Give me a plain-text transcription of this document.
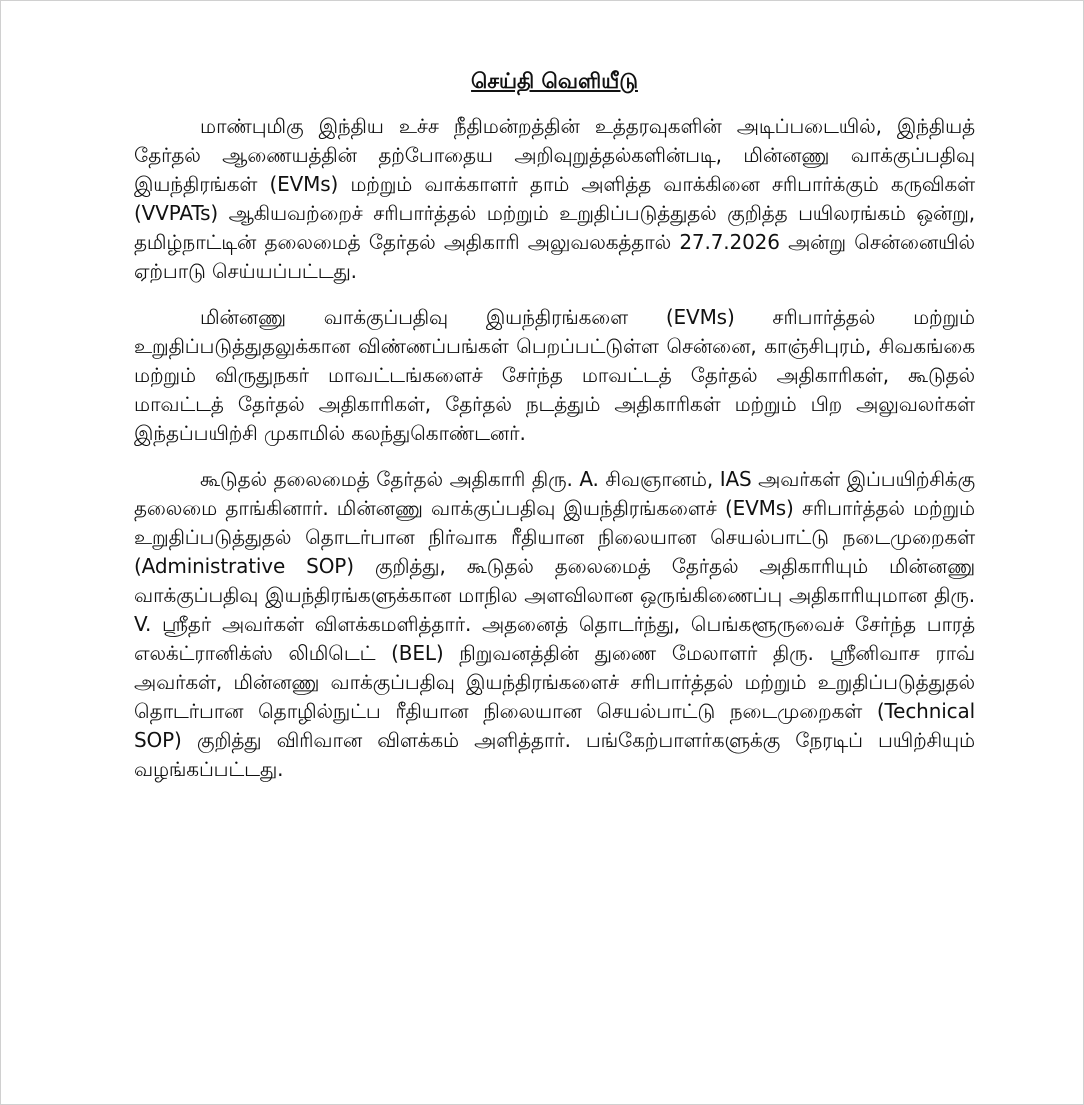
செய்தி வெளியீடு

மாண்புமிகு இந்திய உச்ச நீதிமன்றத்தின் உத்தரவுகளின் அடிப்படையில், இந்தியத் தேர்தல் ஆணையத்தின் தற்போதைய அறிவுறுத்தல்களின்படி, மின்னணு வாக்குப்பதிவு இயந்திரங்கள் (EVMs) மற்றும் வாக்காளர் தாம் அளித்த வாக்கினை சரிபார்க்கும் கருவிகள் (VVPATs) ஆகியவற்றைச் சரிபார்த்தல் மற்றும் உறுதிப்படுத்துதல் குறித்த பயிலரங்கம் ஒன்று, தமிழ்நாட்டின் தலைமைத் தேர்தல் அதிகாரி அலுவலகத்தால் 27.7.2026 அன்று சென்னையில் ஏற்பாடு செய்யப்பட்டது.

மின்னணு வாக்குப்பதிவு இயந்திரங்களை (EVMs) சரிபார்த்தல் மற்றும் உறுதிப்படுத்துதலுக்கான விண்ணப்பங்கள் பெறப்பட்டுள்ள சென்னை, காஞ்சிபுரம், சிவகங்கை மற்றும் விருதுநகர் மாவட்டங்களைச் சேர்ந்த மாவட்டத் தேர்தல் அதிகாரிகள், கூடுதல் மாவட்டத் தேர்தல் அதிகாரிகள், தேர்தல் நடத்தும் அதிகாரிகள் மற்றும் பிற அலுவலர்கள் இந்தப்பயிற்சி முகாமில் கலந்துகொண்டனர்.

கூடுதல் தலைமைத் தேர்தல் அதிகாரி திரு. A. சிவஞானம், IAS அவர்கள் இப்பயிற்சிக்கு தலைமை தாங்கினார். மின்னணு வாக்குப்பதிவு இயந்திரங்களைச் (EVMs) சரிபார்த்தல் மற்றும் உறுதிப்படுத்துதல் தொடர்பான நிர்வாக ரீதியான நிலையான செயல்பாட்டு நடைமுறைகள் (Administrative SOP) குறித்து, கூடுதல் தலைமைத் தேர்தல் அதிகாரியும் மின்னணு வாக்குப்பதிவு இயந்திரங்களுக்கான மாநில அளவிலான ஒருங்கிணைப்பு அதிகாரியுமான திரு. V. ஸ்ரீதர் அவர்கள் விளக்கமளித்தார். அதனைத் தொடர்ந்து, பெங்களூருவைச் சேர்ந்த பாரத் எலக்ட்ரானிக்ஸ் லிமிடெட் (BEL) நிறுவனத்தின் துணை மேலாளர் திரு. ஸ்ரீனிவாச ராவ் அவர்கள், மின்னணு வாக்குப்பதிவு இயந்திரங்களைச் சரிபார்த்தல் மற்றும் உறுதிப்படுத்துதல் தொடர்பான தொழில்நுட்ப ரீதியான நிலையான செயல்பாட்டு நடைமுறைகள் (Technical SOP) குறித்து விரிவான விளக்கம் அளித்தார். பங்கேற்பாளர்களுக்கு நேரடிப் பயிற்சியும் வழங்கப்பட்டது.
